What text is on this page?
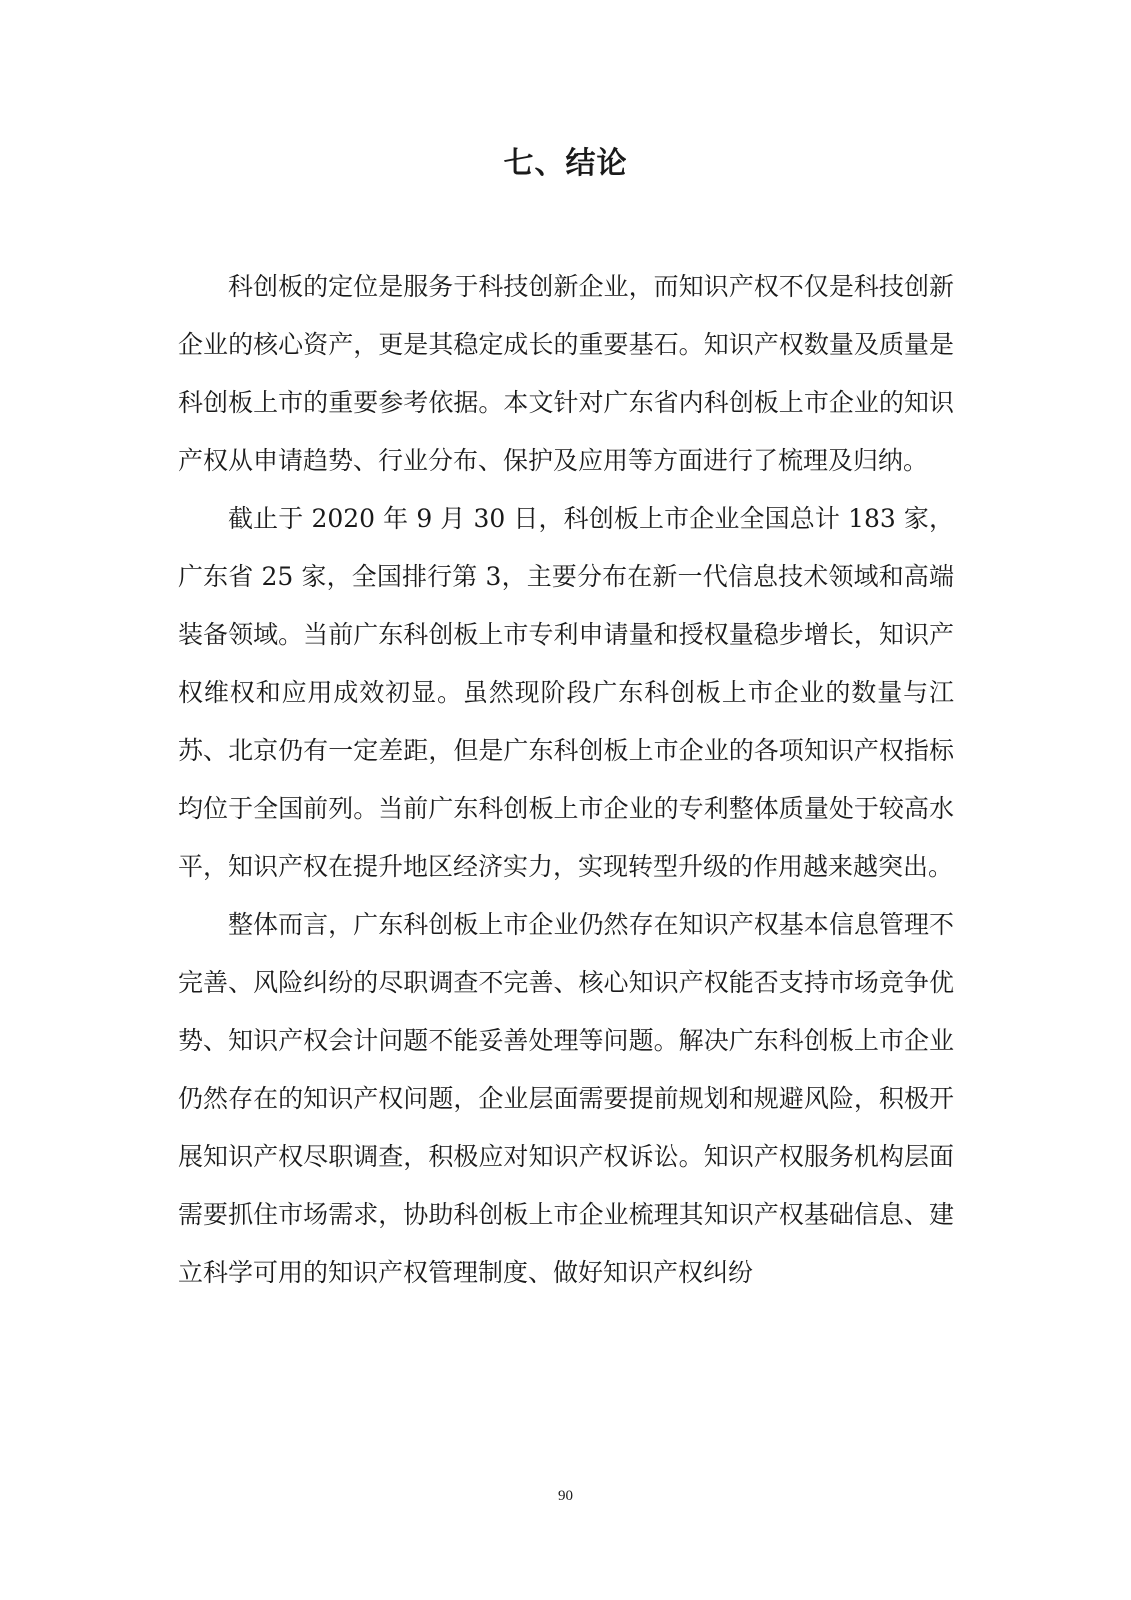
七、结论

科创板的定位是服务于科技创新企业，而知识产权不仅是科技创新企业的核心资产，更是其稳定成长的重要基石。知识产权数量及质量是科创板上市的重要参考依据。本文针对广东省内科创板上市企业的知识产权从申请趋势、行业分布、保护及应用等方面进行了梳理及归纳。

截止于 2020 年 9 月 30 日，科创板上市企业全国总计 183 家，广东省 25 家，全国排行第 3，主要分布在新一代信息技术领域和高端装备领域。当前广东科创板上市专利申请量和授权量稳步增长，知识产权维权和应用成效初显。虽然现阶段广东科创板上市企业的数量与江苏、北京仍有一定差距，但是广东科创板上市企业的各项知识产权指标均位于全国前列。当前广东科创板上市企业的专利整体质量处于较高水平，知识产权在提升地区经济实力，实现转型升级的作用越来越突出。

整体而言，广东科创板上市企业仍然存在知识产权基本信息管理不完善、风险纠纷的尽职调查不完善、核心知识产权能否支持市场竞争优势、知识产权会计问题不能妥善处理等问题。解决广东科创板上市企业仍然存在的知识产权问题，企业层面需要提前规划和规避风险，积极开展知识产权尽职调查，积极应对知识产权诉讼。知识产权服务机构层面需要抓住市场需求，协助科创板上市企业梳理其知识产权基础信息、建立科学可用的知识产权管理制度、做好知识产权纠纷

90
